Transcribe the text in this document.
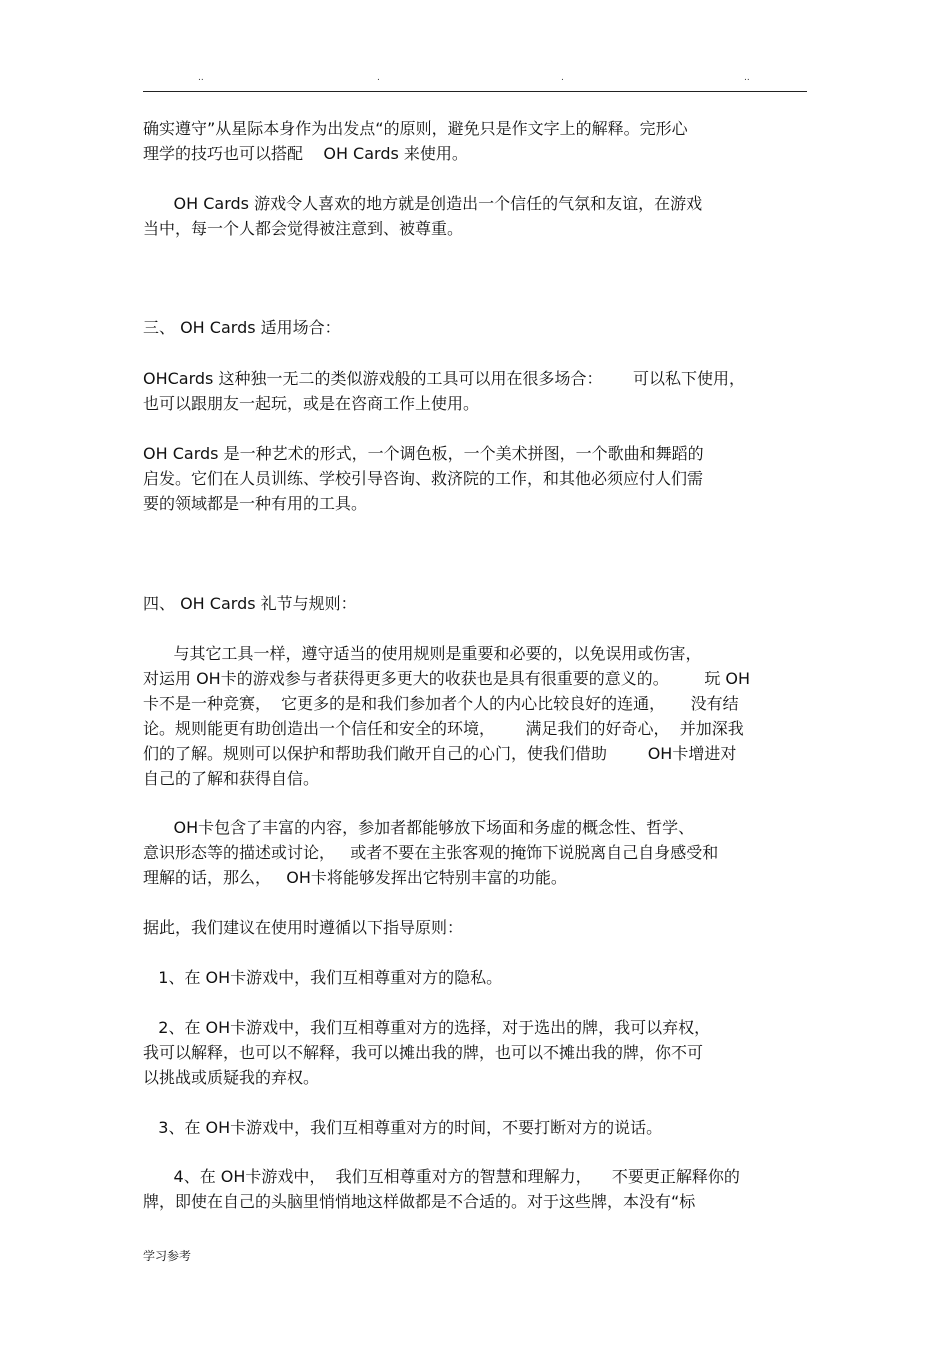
..	.	.	..
确实遵守”从星际本身作为出发点“的原则，避免只是作文字上的解释。完形心
理学的技巧也可以搭配    OH Cards 来使用。
OH Cards 游戏令人喜欢的地方就是创造出一个信任的气氛和友谊，在游戏
当中，每一个人都会觉得被注意到、被尊重。
三、 OH Cards 适用场合：
OHCards 这种独一无二的类似游戏般的工具可以用在很多场合：      可以私下使用，
也可以跟朋友一起玩，或是在咨商工作上使用。
OH Cards 是一种艺术的形式，一个调色板，一个美术拼图，一个歌曲和舞蹈的
启发。它们在人员训练、学校引导咨询、救济院的工作，和其他必须应付人们需
要的领域都是一种有用的工具。
四、 OH Cards 礼节与规则：
与其它工具一样，遵守适当的使用规则是重要和必要的，以免误用或伤害，
对运用 OH卡的游戏参与者获得更多更大的收获也是具有很重要的意义的。       玩 OH
卡不是一种竞赛，  它更多的是和我们参加者个人的内心比较良好的连通，     没有结
论。规则能更有助创造出一个信任和安全的环境，      满足我们的好奇心，  并加深我
们的了解。规则可以保护和帮助我们敞开自己的心门，使我们借助        OH卡增进对
自己的了解和获得自信。
OH卡包含了丰富的内容，参加者都能够放下场面和务虚的概念性、哲学、
意识形态等的描述或讨论，   或者不要在主张客观的掩饰下说脱离自己自身感受和
理解的话，那么，   OH卡将能够发挥出它特别丰富的功能。
据此，我们建议在使用时遵循以下指导原则：
1、在 OH卡游戏中，我们互相尊重对方的隐私。
2、在 OH卡游戏中，我们互相尊重对方的选择，对于选出的牌，我可以弃权，
我可以解释，也可以不解释，我可以摊出我的牌，也可以不摊出我的牌，你不可
以挑战或质疑我的弃权。
3、在 OH卡游戏中，我们互相尊重对方的时间，不要打断对方的说话。
4、在 OH卡游戏中，  我们互相尊重对方的智慧和理解力，    不要更正解释你的
牌，即使在自己的头脑里悄悄地这样做都是不合适的。对于这些牌，本没有“标
学习参考
